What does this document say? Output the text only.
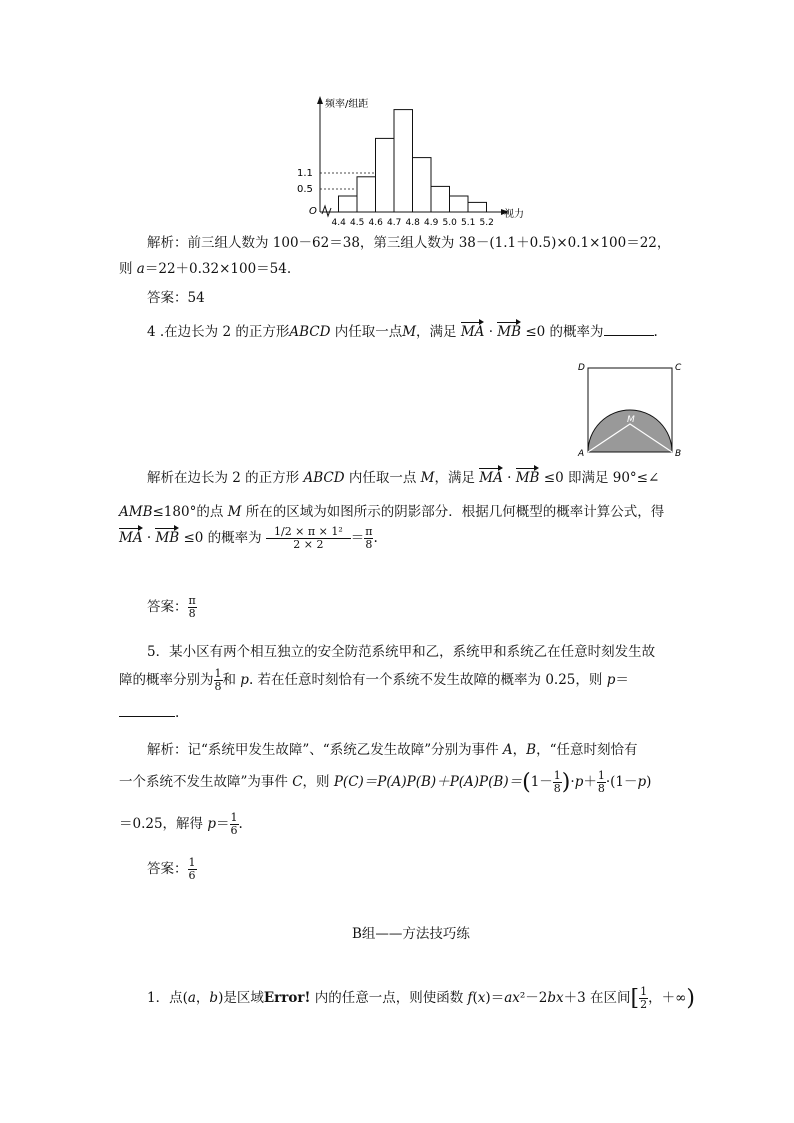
频率/组距
视力
O
1.1
0.5
4.4 4.5 4.6 4.7 4.8 4.9 5.0 5.1 5.2
解析：前三组人数为 100－62＝38，第三组人数为 38－(1.1＋0.5)×0.1×100＝22，
则 a＝22＋0.32×100＝54.
答案：54
4 .在边长为 2 的正方形ABCD 内任取一点M，满足 MA · MB ≤0 的概率为	.
D	C
A	B
M
解析在边长为 2 的正方形 ABCD 内任取一点 M，满足 MA · MB ≤0 即满足 90°≤∠
AMB≤180°的点 M 所在的区域为如图所示的阴影部分．根据几何概型的概率计算公式，得
MA · MB ≤0 的概率为 $\frac{\text{1/2 × π × 1²}}{2 \times 2} = \frac{\pi}{8}$ .
答案： $\frac{\pi}{8}$
5．某小区有两个相互独立的安全防范系统甲和乙，系统甲和系统乙在任意时刻发生故
障的概率分别为 $\frac{1}{8}$ 和 p. 若在任意时刻恰有一个系统不发生故障的概率为 0.25，则 p＝
.
解析：记“系统甲发生故障”、“系统乙发生故障”分别为事件 A，B，“任意时刻恰有
一个系统不发生故障”为事件 C，则 $P(C)=P(A)P(B)+P(A)P(B)=(1- \frac{1}{8} )\cdot p+ \frac{1}{8} \cdot(1-p)$
＝0.25，解得 $p= \frac{1}{6}$ .
答案： $\frac{1}{6}$
B组——方法技巧练
1．点(a，b)是区域Error! 内的任意一点，则使函数 f(x)＝ax²－2bx＋3 在区间[ $\frac{1}{2}$ ，＋∞)
